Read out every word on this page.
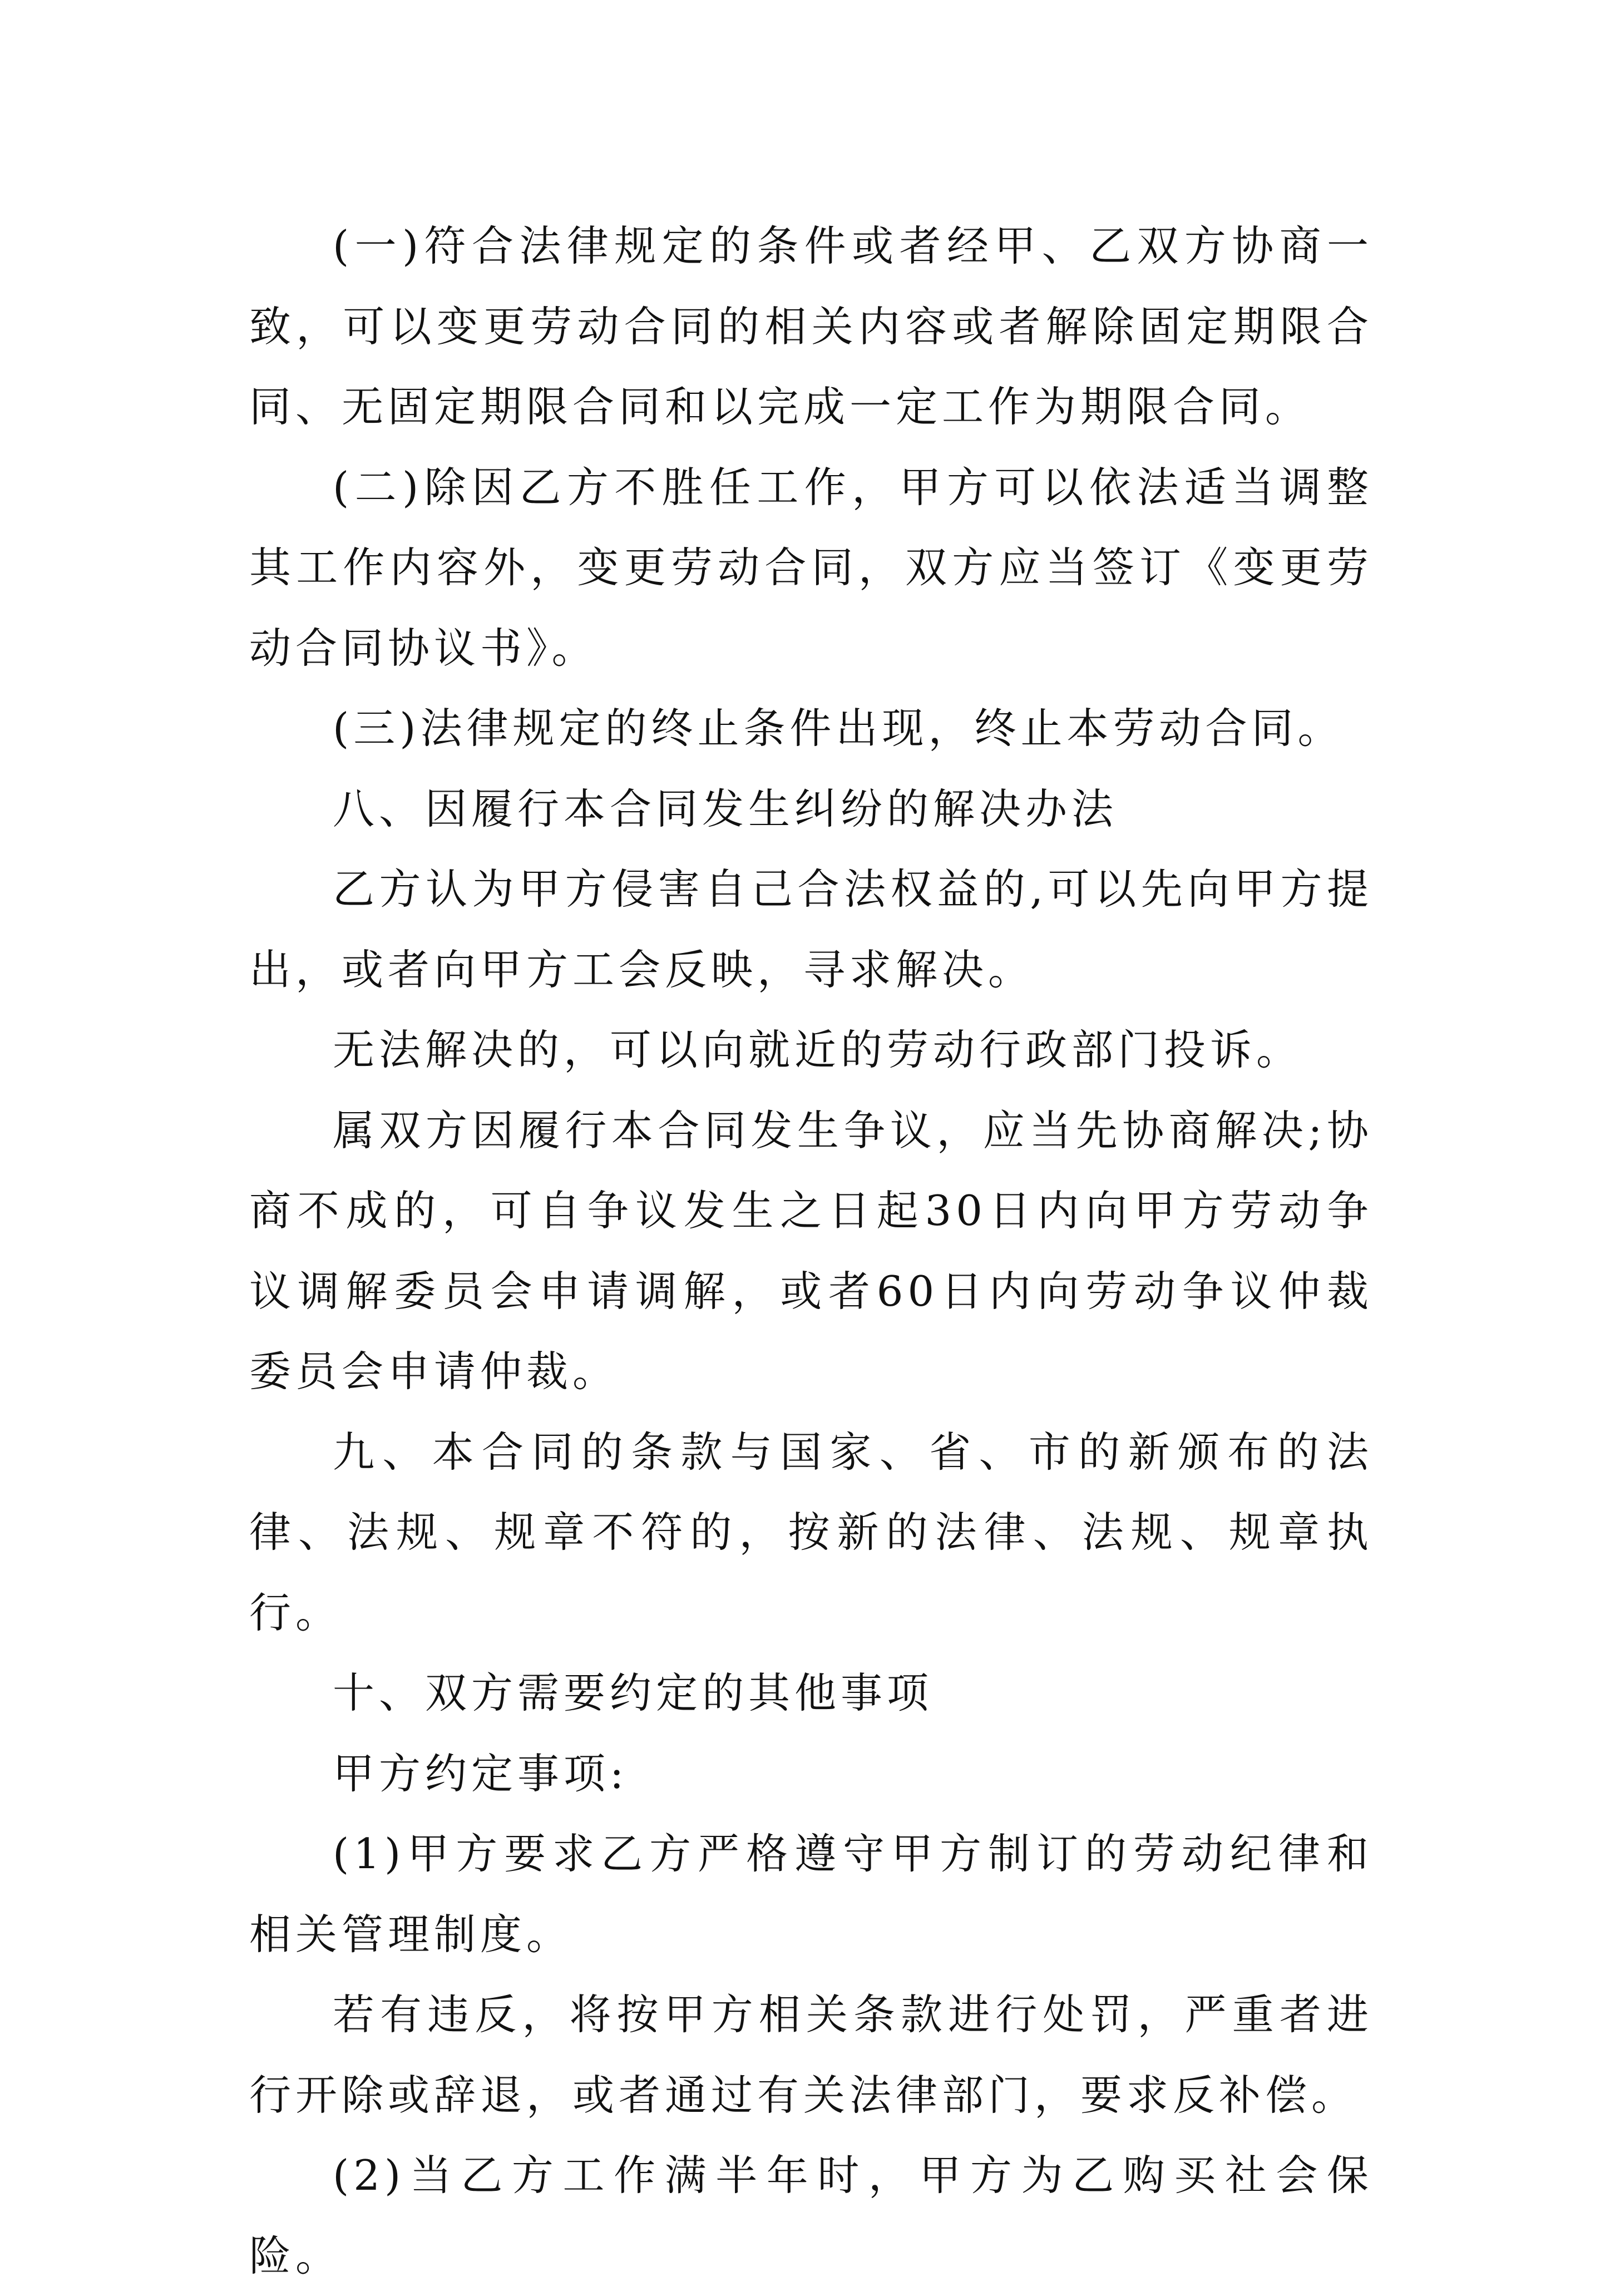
(一)符合法律规定的条件或者经甲、乙双方协商一致，可以变更劳动合同的相关内容或者解除固定期限合同、无固定期限合同和以完成一定工作为期限合同。

(二)除因乙方不胜任工作，甲方可以依法适当调整其工作内容外，变更劳动合同，双方应当签订《变更劳动合同协议书》。

(三)法律规定的终止条件出现，终止本劳动合同。

八、因履行本合同发生纠纷的解决办法

乙方认为甲方侵害自己合法权益的,可以先向甲方提出，或者向甲方工会反映，寻求解决。

无法解决的，可以向就近的劳动行政部门投诉。

属双方因履行本合同发生争议，应当先协商解决;协商不成的，可自争议发生之日起30日内向甲方劳动争议调解委员会申请调解，或者60日内向劳动争议仲裁委员会申请仲裁。

九、本合同的条款与国家、省、市的新颁布的法律、法规、规章不符的，按新的法律、法规、规章执行。

十、双方需要约定的其他事项

甲方约定事项:

(1)甲方要求乙方严格遵守甲方制订的劳动纪律和相关管理制度。

若有违反，将按甲方相关条款进行处罚，严重者进行开除或辞退，或者通过有关法律部门，要求反补偿。

(2)当乙方工作满半年时，甲方为乙购买社会保险。
